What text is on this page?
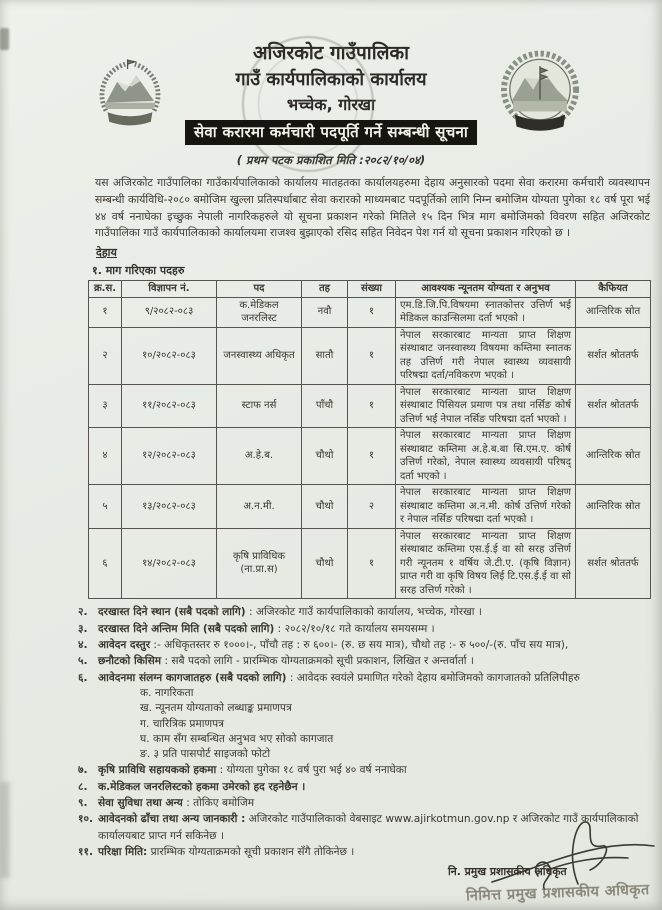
अजिरकोट गाउँपालिका
गाउँ कार्यपालिकाको कार्यालय
भच्चेक, गोरखा
सेवा करारमा कर्मचारी पदपूर्ति गर्ने सम्बन्धी सूचना
( प्रथम पटक प्रकाशित मिति :२०८२/१०/०४)
यस अजिरकोट गाउँपालिका गाउँकार्यपालिकाको कार्यालय मातहतका कार्यालयहरुमा देहाय अनुसारको पदमा सेवा करारमा कर्मचारी व्यवस्थापन सम्बन्धी कार्यविधि-२०८० बमोजिम खुल्ला प्रतिस्पर्धाबाट सेवा करारको माध्यमबाट पदपूर्तिको लागि निम्न बमोजिम योग्यता पुगेका १८ वर्ष पूरा भई ४४ वर्ष ननाघेका इच्छुक नेपाली नागरिकहरुले यो सूचना प्रकाशन गरेको मितिले १५ दिन भित्र माग बमोजिमको विवरण सहित अजिरकोट गाउँपालिका गाउँ कार्यपालिकाको कार्यालयमा राजश्व बुझाएको रसिद सहित निवेदन पेश गर्न यो सूचना प्रकाशन गरिएको छ ।
देहाय
१. माग गरिएका पदहरु
क्र.स.	विज्ञापन नं.	पद	तह	संख्या	आवश्यक न्यूनतम योग्यता र अनुभव	कैफियत
१	९/२०८२-०८३	क.मेडिकल जनरलिस्ट	नवौ	१	एम.डि.जि.पि.विषयमा स्नातकोत्तर उत्तिर्ण भई मेडिकल काउन्सिलमा दर्ता भएको ।	आन्तिरिक स्रोत
२	१०/२०८२-०८३	जनस्वास्थ्य अधिकृत	सातौ	१	नेपाल सरकारबाट मान्यता प्राप्त शिक्षण संस्थाबाट जनस्वास्थ्य विषयमा कम्तिमा स्नातक तह उत्तिर्ण गरी नेपाल स्वास्थ्य व्यवसायी परिषद्मा दर्ता/नविकरण भएको ।	सर्शत श्रोततर्फ
३	११/२०८२-०८३	स्टाफ नर्स	पाँचौ	१	नेपाल सरकारबाट मान्यता प्राप्त शिक्षण संस्थाबाट पिसियल प्रमाण पत्र तथा नर्सिङ कोर्ष उत्तिर्ण भई नेपाल नर्सिङ परिषद्मा दर्ता भएको ।	सर्शत श्रोततर्फ
४	१२/२०८२-०८३	अ.हे.ब.	चौथो	१	नेपाल सरकारबाट मान्यता प्राप्त शिक्षण संस्थाबाट कम्तिमा अ.हे.ब.बा सि.एम.ए. कोर्ष उत्तिर्ण गरेको, नेपाल स्वास्थ्य व्यवसायी परिषद् दर्ता भएको ।	आन्तिरिक स्रोत
५	१३/२०८२-०८३	अ.न.मी.	चौथो	२	नेपाल सरकारबाट मान्यता प्राप्त शिक्षण संस्थाबाट कम्तिमा अ.न.मी. कोर्ष उत्तिर्ण गरेको र नेपाल नर्सिङ परिषद्मा दर्ता भएको ।	आन्तिरिक स्रोत
६	१४/२०८२-०८३	कृषि प्राविधिक (ना.प्रा.स)	चौथो	१	नेपाल सरकारबाट मान्यता प्राप्त शिक्षण संस्थाबाट कम्तिमा एस.ई.ई वा सो सरह उत्तिर्ण गरी न्यूनतम १ वर्षिय जे.टी.ए. (कृषि विज्ञान) प्राप्त गरी वा कृषि विषय लिई टि.एस.ई.ई वा सो सरह उत्तिर्ण गरेको ।	सर्शत श्रोततर्फ
२. दरखास्त दिने स्थान (सबै पदको लागि) : अजिरकोट गाउँ कार्यपालिकाको कार्यालय, भच्चेक, गोरखा ।
३. दरखास्त दिने अन्तिम मिति (सबै पदको लागि) : २०८२/१०/१८ गते कार्यालय समयसम्म ।
४. आवेदन दस्तुर :- अधिकृतस्तर रु १०००।-, पाँचौ तह : रु ६००।- (रु. छ सय मात्र), चौथो तह :- रु ५००/-(रु. पाँच सय मात्र),
५. छनौटको किसिम : सबै पदको लागि - प्रारम्भिक योग्यताक्रमको सूची प्रकाशन, लिखित र अन्तर्वार्ता ।
६. आवेदनमा संलग्न कागजातहरु (सबै पदको लागि) : आवेदक स्वयंले प्रमाणित गरेको देहाय बमोजिमको कागजातको प्रतिलिपीहरु
क. नागरिकता
ख. न्यूनतम योग्यताको लब्धाङ्क प्रमाणपत्र
ग. चारित्रिक प्रमाणपत्र
घ. काम सँग सम्बन्धित अनुभव भए सोको कागजात
ङ. ३ प्रति पासपोर्ट साइजको फोटो
७. कृषि प्राविधि सहायकको हकमा : योग्यता पुगेका १८ वर्ष पुरा भई ४० वर्ष ननाघेका
८. क.मेडिकल जनरलिस्टको हकमा उमेरको हद रहनेछैन ।
९. सेवा सुविधा तथा अन्य : तोकिए बमोजिम
१०. आवेदनको ढाँचा तथा अन्य जानकारी : अजिरकोट गाउँपालिकाको वेबसाइट www.ajirkotmun.gov.np र अजिरकोट गाउँ कार्यपालिकाको कार्यालयबाट प्राप्त गर्न सकिनेछ ।
११. परिक्षा मिति: प्रारम्भिक योग्यताक्रमको सूची प्रकाशन सँगै तोकिनेछ ।
नि. प्रमुख प्रशासकीय अधिकृत
निमित्त प्रमुख प्रशासकीय अधिकृत
